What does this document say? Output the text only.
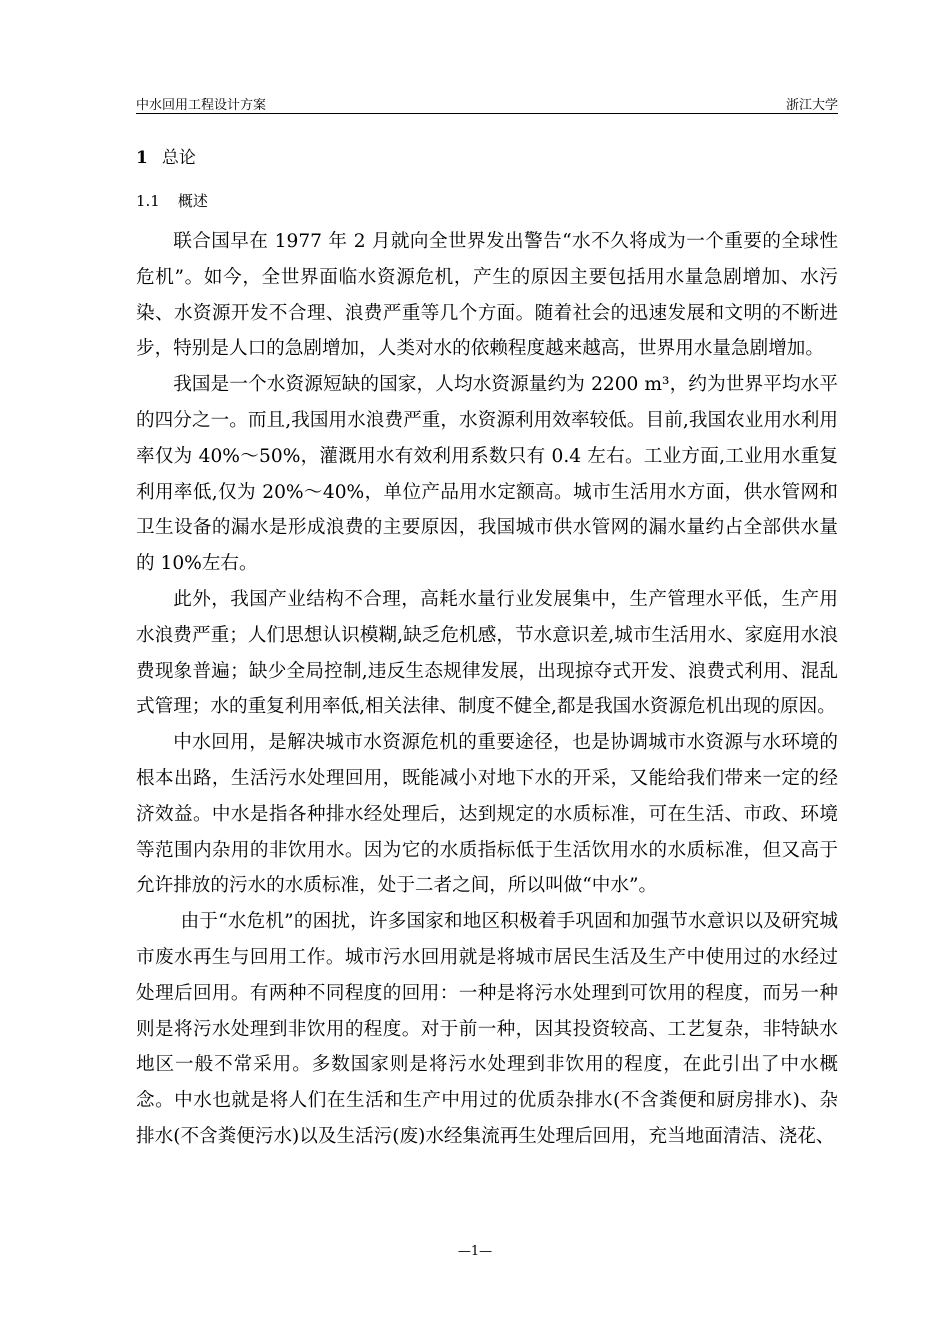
中水回用工程设计方案	浙江大学
1 总论
1.1 概述

联合国早在 1977 年 2 月就向全世界发出警告“水不久将成为一个重要的全球性危机”。如今，全世界面临水资源危机，产生的原因主要包括用水量急剧增加、水污染、水资源开发不合理、浪费严重等几个方面。随着社会的迅速发展和文明的不断进步，特别是人口的急剧增加，人类对水的依赖程度越来越高，世界用水量急剧增加。

我国是一个水资源短缺的国家，人均水资源量约为 2200 m³，约为世界平均水平的四分之一。而且,我国用水浪费严重，水资源利用效率较低。目前,我国农业用水利用率仅为 40%～50%，灌溉用水有效利用系数只有 0.4 左右。工业方面,工业用水重复利用率低,仅为 20%～40%，单位产品用水定额高。城市生活用水方面，供水管网和卫生设备的漏水是形成浪费的主要原因，我国城市供水管网的漏水量约占全部供水量的 10%左右。

此外，我国产业结构不合理，高耗水量行业发展集中，生产管理水平低，生产用水浪费严重；人们思想认识模糊,缺乏危机感，节水意识差,城市生活用水、家庭用水浪费现象普遍；缺少全局控制,违反生态规律发展，出现掠夺式开发、浪费式利用、混乱式管理；水的重复利用率低,相关法律、制度不健全,都是我国水资源危机出现的原因。

中水回用，是解决城市水资源危机的重要途径，也是协调城市水资源与水环境的根本出路，生活污水处理回用，既能减小对地下水的开采，又能给我们带来一定的经济效益。中水是指各种排水经处理后，达到规定的水质标准，可在生活、市政、环境等范围内杂用的非饮用水。因为它的水质指标低于生活饮用水的水质标准，但又高于允许排放的污水的水质标准，处于二者之间，所以叫做“中水”。

由于“水危机”的困扰，许多国家和地区积极着手巩固和加强节水意识以及研究城市废水再生与回用工作。城市污水回用就是将城市居民生活及生产中使用过的水经过处理后回用。有两种不同程度的回用：一种是将污水处理到可饮用的程度，而另一种则是将污水处理到非饮用的程度。对于前一种，因其投资较高、工艺复杂，非特缺水地区一般不常采用。多数国家则是将污水处理到非饮用的程度，在此引出了中水概念。中水也就是将人们在生活和生产中用过的优质杂排水(不含粪便和厨房排水)、杂排水(不含粪便污水)以及生活污(废)水经集流再生处理后回用，充当地面清洁、浇花、

—1—
